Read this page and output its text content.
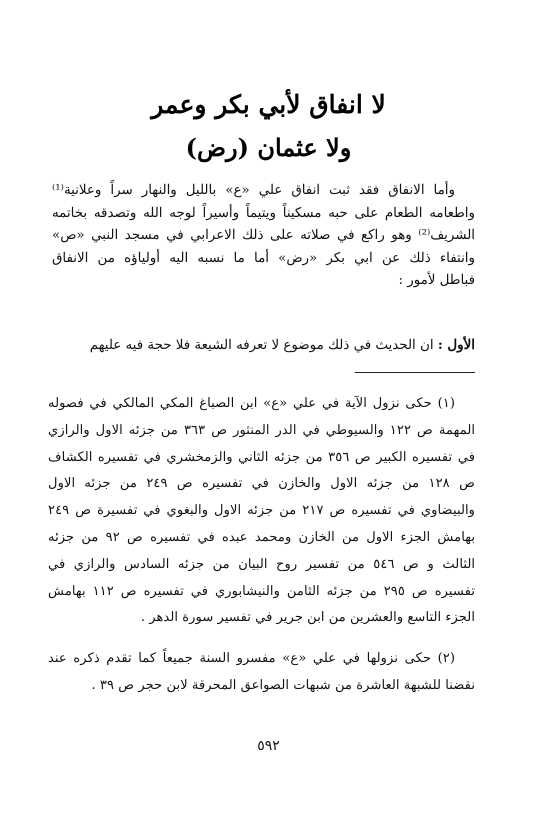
لا انفاق لأبي بكر وعمر
ولا عثمان (رض)
وأما الانفاق فقد ثبت انفاق علي «ع» بالليل والنهار سراً وعلانية⁽¹⁾
واطعامه الطعام على حبه مسكيناً ويتيماً وأسيراً لوجه الله وتصدقه بخاتمه
الشريف⁽²⁾ وهو راكع في صلاته على ذلك الاعرابي في مسجد النبي «ص»
وانتفاء ذلك عن ابي بكر «رض» أما ما نسبه اليه أولياؤه من الانفاق
فباطل لأمور :
الأول : ان الحديث في ذلك موضوع لا تعرفه الشيعة فلا حجة فيه عليهم
(١) حكى نزول الآية في علي «ع» ابن الصباغ المكي المالكي في فصوله
المهمة ص ١٢٢ والسيوطي في الدر المنثور ص ٣٦٣ من جزئه الاول والرازي
في تفسيره الكبير ص ٣٥٦ من جزئه الثاني والزمخشري في تفسيره الكشاف
ص ١٢٨ من جزئه الاول والخازن في تفسيره ص ٢٤٩ من جزئه الاول
والبيضاوي في تفسيره ص ٢١٧ من جزئه الاول والبغوي في تفسيرة ص ٢٤٩
بهامش الجزء الاول من الخازن ومحمد عبده في تفسيره ص ٩٢ من جزئه
الثالث و ص ٥٤٦ من تفسير روح البيان من جزئه السادس والرازي في
تفسيره ص ٢٩٥ من جزئه الثامن والنيشابوري في تفسيره ص ١١٢ بهامش
الجزء التاسع والعشرين من ابن جرير في تفسير سورة الدهر .
(٢) حكى نزولها في علي «ع» مفسرو السنة جميعاً كما تقدم ذكره عند
نقضنا للشبهة العاشرة من شبهات الصواعق المحرقة لابن حجر ص ٣٩ .
٥٩٢
